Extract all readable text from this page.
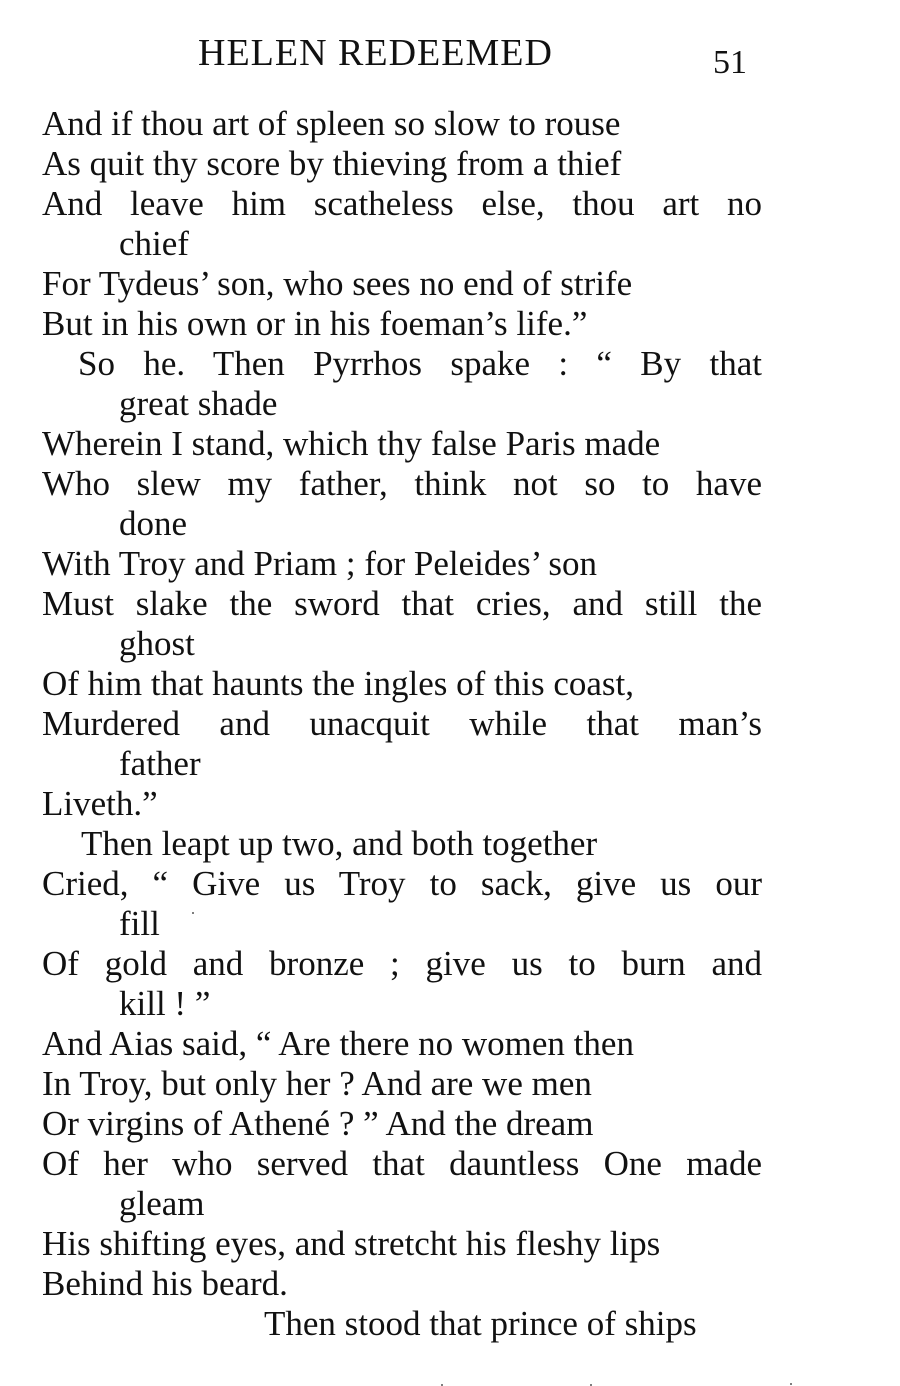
HELEN REDEEMED	51
And if thou art of spleen so slow to rouse
As quit thy score by thieving from a thief
And leave him scatheless else, thou art no
chief
For Tydeus’ son, who sees no end of strife
But in his own or in his foeman’s life.”
So he. Then Pyrrhos spake : “ By that
great shade
Wherein I stand, which thy false Paris made
Who slew my father, think not so to have
done
With Troy and Priam ; for Peleides’ son
Must slake the sword that cries, and still the
ghost
Of him that haunts the ingles of this coast,
Murdered and unacquit while that man’s
father
Liveth.”
Then leapt up two, and both together
Cried, “ Give us Troy to sack, give us our
fill
Of gold and bronze ; give us to burn and
kill ! ”
And Aias said, “ Are there no women then
In Troy, but only her ? And are we men
Or virgins of Athené ? ” And the dream
Of her who served that dauntless One made
gleam
His shifting eyes, and stretcht his fleshy lips
Behind his beard.
Then stood that prince of ships
